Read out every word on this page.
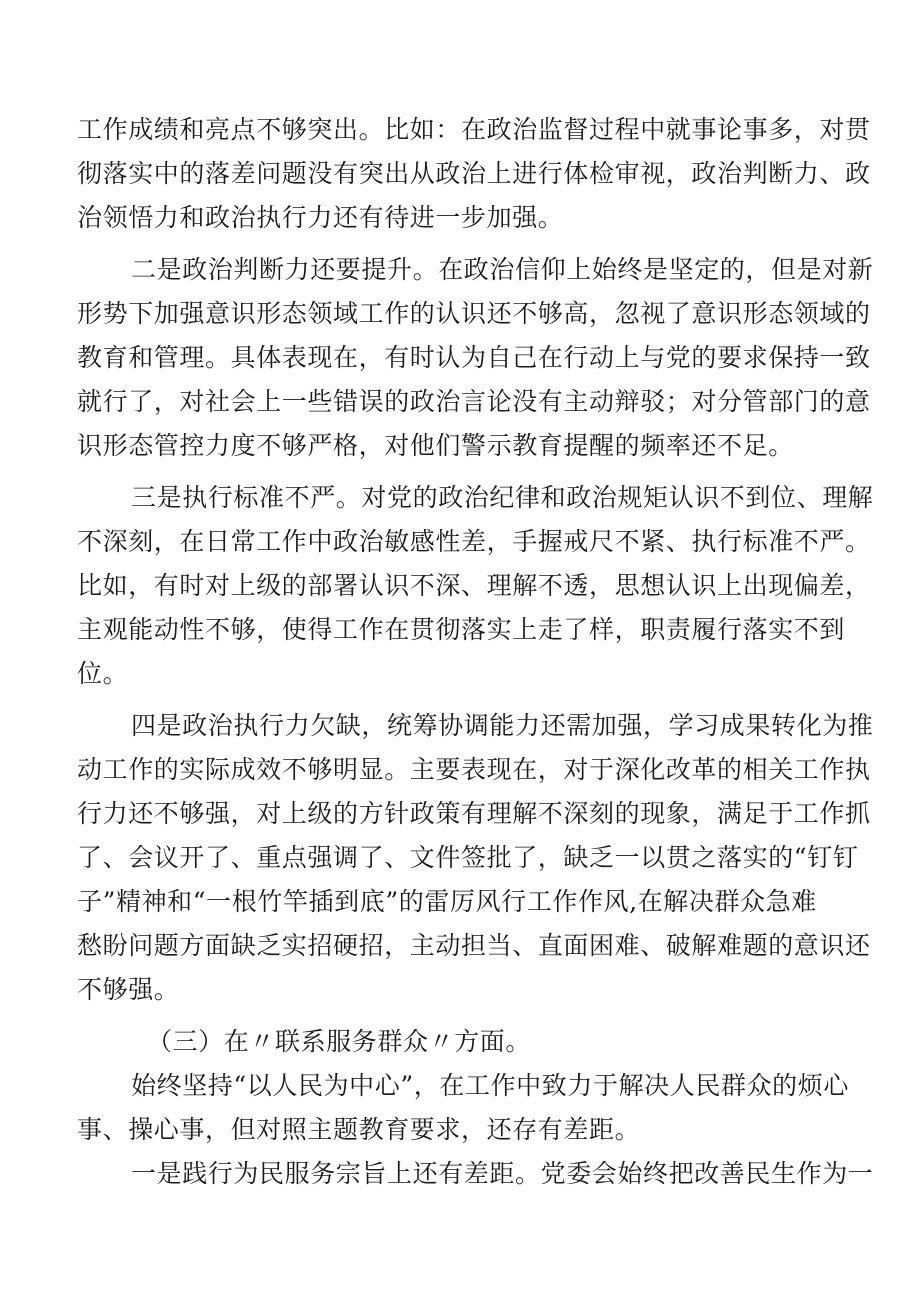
工作成绩和亮点不够突出。比如：在政治监督过程中就事论事多，对贯
彻落实中的落差问题没有突出从政治上进行体检审视，政治判断力、政
治领悟力和政治执行力还有待进一步加强。

二是政治判断力还要提升。在政治信仰上始终是坚定的，但是对新
形势下加强意识形态领域工作的认识还不够高，忽视了意识形态领域的
教育和管理。具体表现在，有时认为自己在行动上与党的要求保持一致
就行了，对社会上一些错误的政治言论没有主动辩驳；对分管部门的意
识形态管控力度不够严格，对他们警示教育提醒的频率还不足。

三是执行标准不严。对党的政治纪律和政治规矩认识不到位、理解
不深刻，在日常工作中政治敏感性差，手握戒尺不紧、执行标准不严。
比如，有时对上级的部署认识不深、理解不透，思想认识上出现偏差，
主观能动性不够，使得工作在贯彻落实上走了样，职责履行落实不到
位。

四是政治执行力欠缺，统筹协调能力还需加强，学习成果转化为推
动工作的实际成效不够明显。主要表现在，对于深化改革的相关工作执
行力还不够强，对上级的方针政策有理解不深刻的现象，满足于工作抓
了、会议开了、重点强调了、文件签批了，缺乏一以贯之落实的“钉钉
子”精神和“一根竹竿插到底”的雷厉风行工作作风,在解决群众急难
愁盼问题方面缺乏实招硬招，主动担当、直面困难、破解难题的意识还
不够强。

（三）在〃联系服务群众〃方面。

始终坚持“以人民为中心”，在工作中致力于解决人民群众的烦心
事、操心事，但对照主题教育要求，还存有差距。

一是践行为民服务宗旨上还有差距。党委会始终把改善民生作为一
